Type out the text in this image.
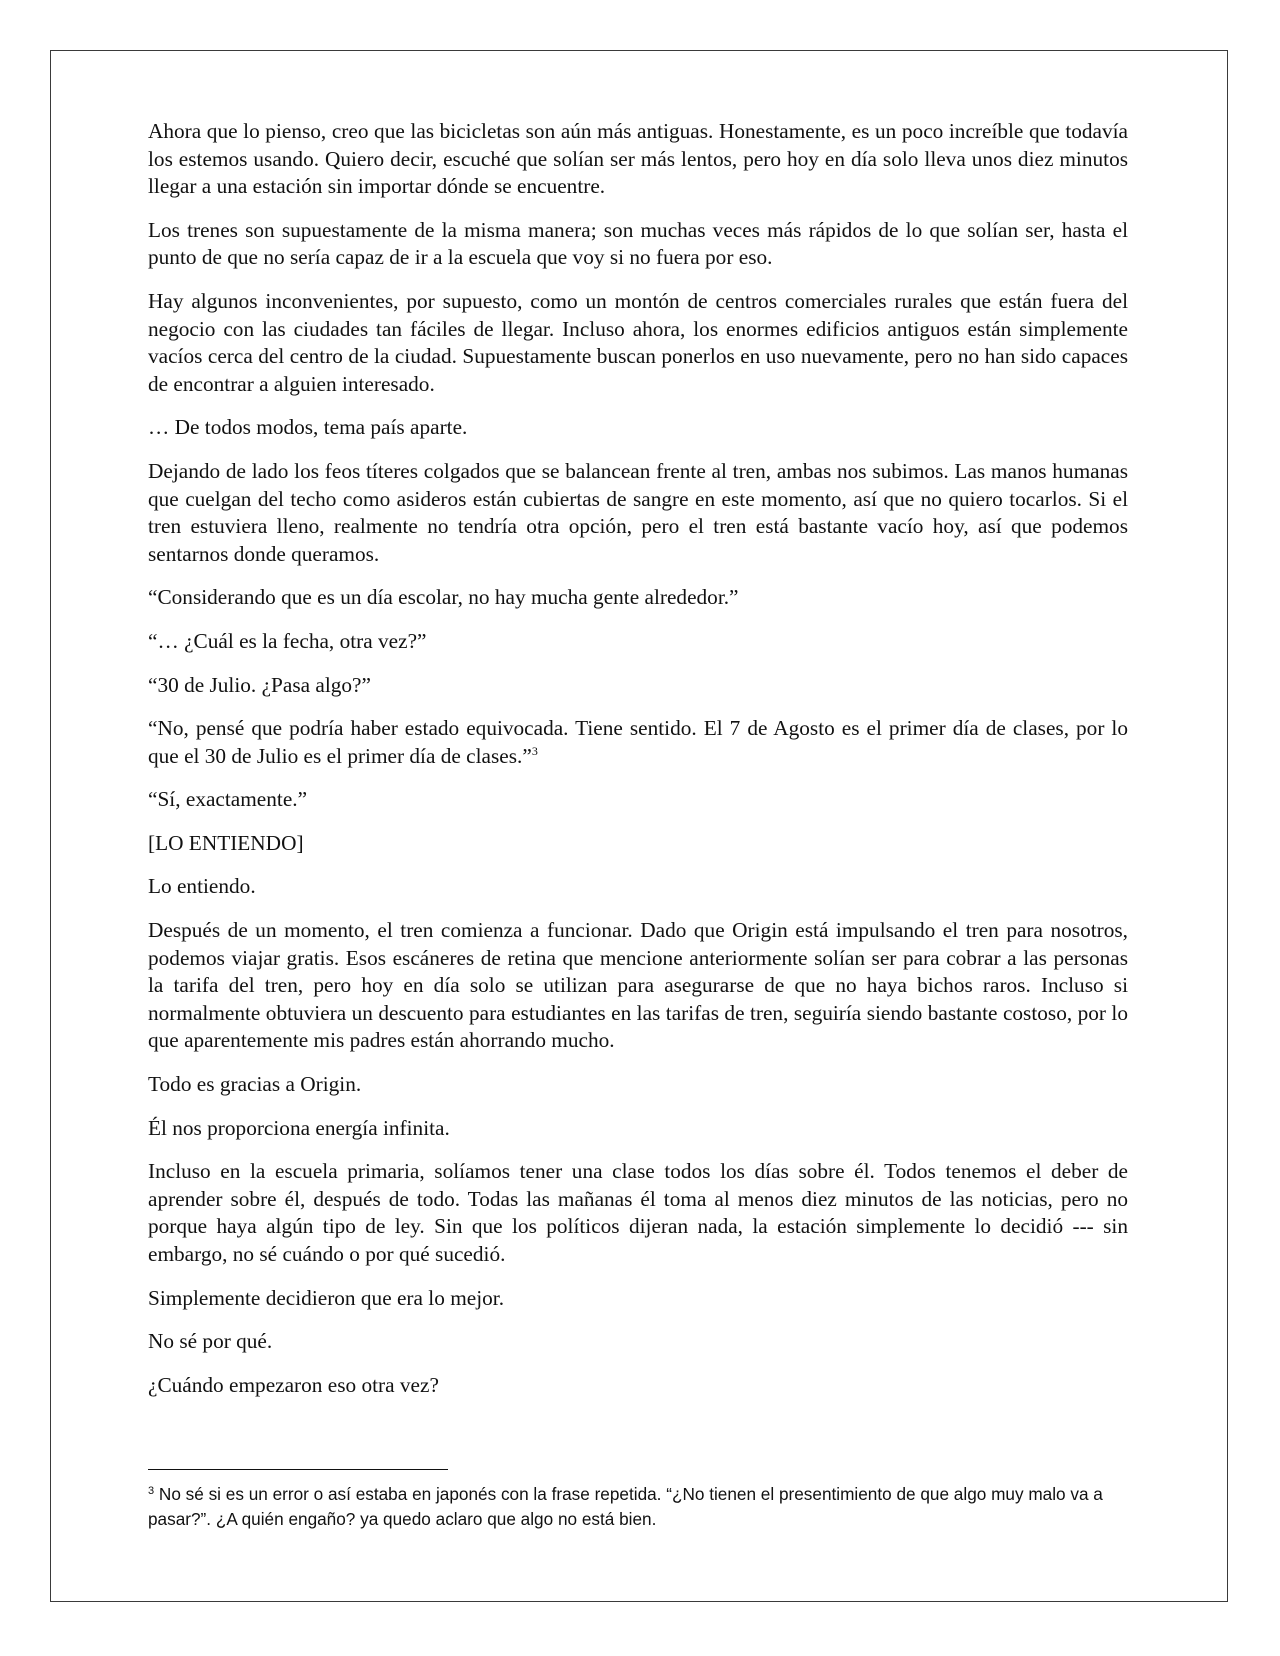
Ahora que lo pienso, creo que las bicicletas son aún más antiguas. Honestamente, es un poco increíble que todavía los estemos usando. Quiero decir, escuché que solían ser más lentos, pero hoy en día solo lleva unos diez minutos llegar a una estación sin importar dónde se encuentre.

Los trenes son supuestamente de la misma manera; son muchas veces más rápidos de lo que solían ser, hasta el punto de que no sería capaz de ir a la escuela que voy si no fuera por eso.

Hay algunos inconvenientes, por supuesto, como un montón de centros comerciales rurales que están fuera del negocio con las ciudades tan fáciles de llegar. Incluso ahora, los enormes edificios antiguos están simplemente vacíos cerca del centro de la ciudad. Supuestamente buscan ponerlos en uso nuevamente, pero no han sido capaces de encontrar a alguien interesado.

… De todos modos, tema país aparte.

Dejando de lado los feos títeres colgados que se balancean frente al tren, ambas nos subimos. Las manos humanas que cuelgan del techo como asideros están cubiertas de sangre en este momento, así que no quiero tocarlos. Si el tren estuviera lleno, realmente no tendría otra opción, pero el tren está bastante vacío hoy, así que podemos sentarnos donde queramos.

“Considerando que es un día escolar, no hay mucha gente alrededor.”

“… ¿Cuál es la fecha, otra vez?”

“30 de Julio. ¿Pasa algo?”

“No, pensé que podría haber estado equivocada. Tiene sentido. El 7 de Agosto es el primer día de clases, por lo que el 30 de Julio es el primer día de clases.”$^3$

“Sí, exactamente.”

[LO ENTIENDO]

Lo entiendo.

Después de un momento, el tren comienza a funcionar. Dado que Origin está impulsando el tren para nosotros, podemos viajar gratis. Esos escáneres de retina que mencione anteriormente solían ser para cobrar a las personas la tarifa del tren, pero hoy en día solo se utilizan para asegurarse de que no haya bichos raros. Incluso si normalmente obtuviera un descuento para estudiantes en las tarifas de tren, seguiría siendo bastante costoso, por lo que aparentemente mis padres están ahorrando mucho.

Todo es gracias a Origin.

Él nos proporciona energía infinita.

Incluso en la escuela primaria, solíamos tener una clase todos los días sobre él. Todos tenemos el deber de aprender sobre él, después de todo. Todas las mañanas él toma al menos diez minutos de las noticias, pero no porque haya algún tipo de ley. Sin que los políticos dijeran nada, la estación simplemente lo decidió --- sin embargo, no sé cuándo o por qué sucedió.

Simplemente decidieron que era lo mejor.

No sé por qué.

¿Cuándo empezaron eso otra vez?

$^3$ No sé si es un error o así estaba en japonés con la frase repetida. “¿No tienen el presentimiento de que algo muy malo va a pasar?”. ¿A quién engaño? ya quedo aclaro que algo no está bien.
